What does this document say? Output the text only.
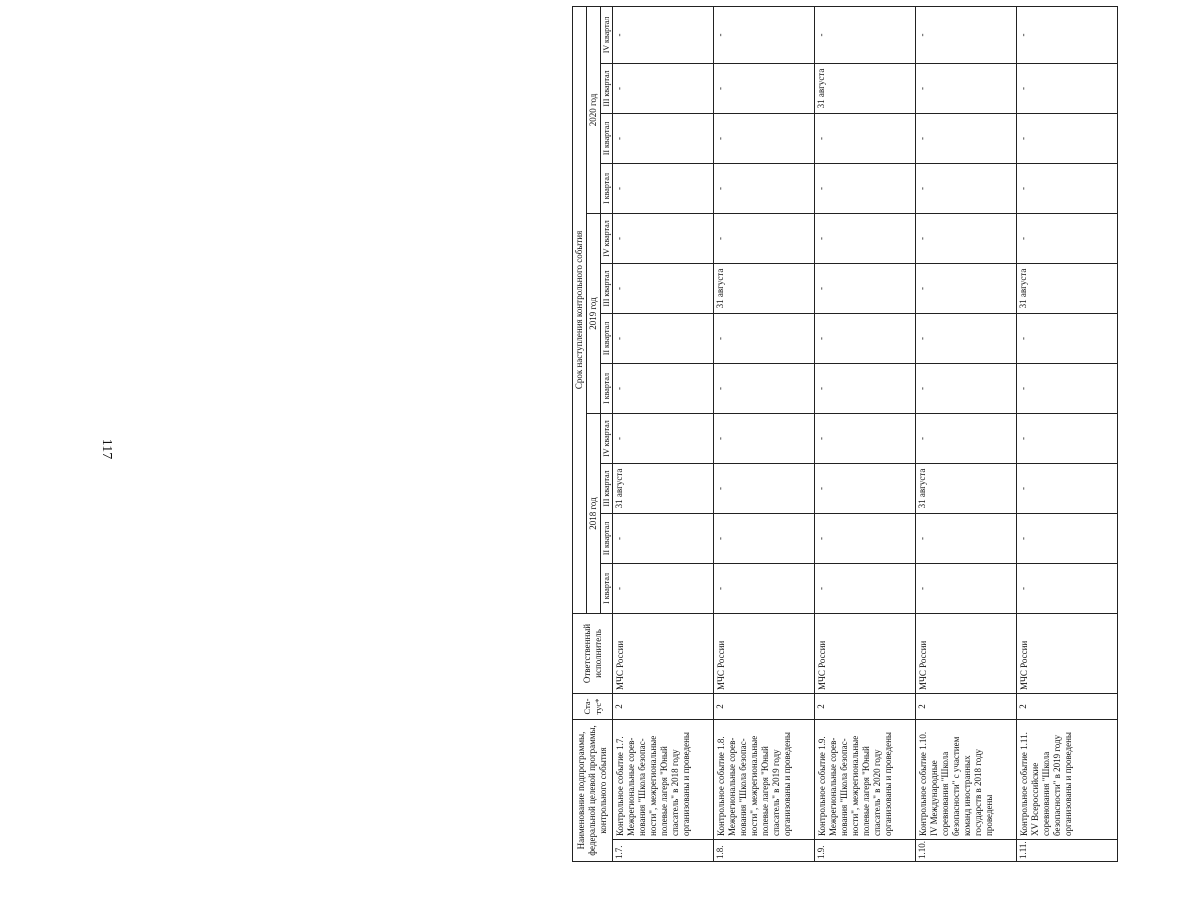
117
Наименование подпрограммы, федеральной целевой программы, контрольного события		Ста-тус*	Ответственный исполнитель	Срок наступления контрольного события											
				2018 год				2019 год				2020 год			
				I квартал	II квартал	III квартал	IV квартал	I квартал	II квартал	III квартал	IV квартал	I квартал	II квартал	III квартал	IV квартал
1.7.	Контрольное событие 1.7. Межрегиональные сорев-нования "Школа безопас-ности", межрегиональные полевые лагеря "Юный спасатель" в 2018 году организованы и проведены	2	МЧС России	-	-	31 августа	-	-	-	-	-	-	-	-	-
1.8.	Контрольное событие 1.8. Межрегиональные сорев-нования "Школа безопас-ности", межрегиональные полевые лагеря "Юный спасатель" в 2019 году организованы и проведены	2	МЧС России	-	-	-	-	-	-	31 августа	-	-	-	-	-
1.9.	Контрольное событие 1.9. Межрегиональные сорев-нования "Школа безопас-ности", межрегиональные полевые лагеря "Юный спасатель" в 2020 году организованы и проведены	2	МЧС России	-	-	-	-	-	-	-	-	-	-	31 августа	-
1.10.	Контрольное событие 1.10. IV Международные соревнования "Школа безопасности" с участием команд иностранных государств в 2018 году проведены	2	МЧС России	-	-	31 августа	-	-	-	-	-	-	-	-	-
1.11.	Контрольное событие 1.11. XV Всероссийские соревнования "Школа безопасности" в 2019 году организованы и проведены	2	МЧС России	-	-	-	-	-	-	31 августа	-	-	-	-	-
